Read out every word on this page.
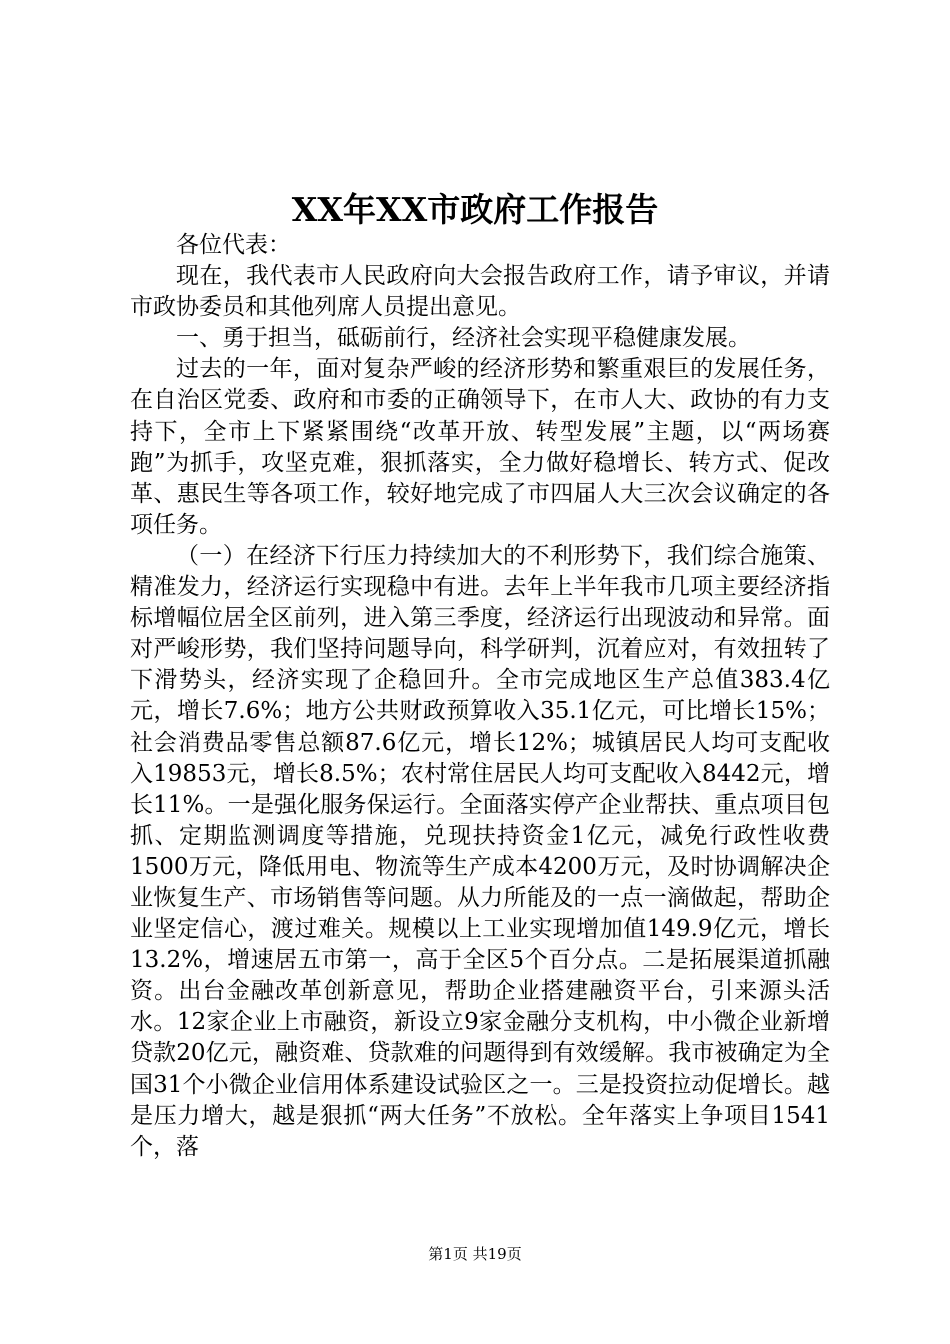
XX年XX市政府工作报告

各位代表：

现在，我代表市人民政府向大会报告政府工作，请予审议，并请市政协委员和其他列席人员提出意见。

一、勇于担当，砥砺前行，经济社会实现平稳健康发展。

过去的一年，面对复杂严峻的经济形势和繁重艰巨的发展任务，在自治区党委、政府和市委的正确领导下，在市人大、政协的有力支持下，全市上下紧紧围绕“改革开放、转型发展”主题，以“两场赛跑”为抓手，攻坚克难，狠抓落实，全力做好稳增长、转方式、促改革、惠民生等各项工作，较好地完成了市四届人大三次会议确定的各项任务。

（一）在经济下行压力持续加大的不利形势下，我们综合施策、精准发力，经济运行实现稳中有进。去年上半年我市几项主要经济指标增幅位居全区前列，进入第三季度，经济运行出现波动和异常。面对严峻形势，我们坚持问题导向，科学研判，沉着应对，有效扭转了下滑势头，经济实现了企稳回升。全市完成地区生产总值383.4亿元，增长7.6%；地方公共财政预算收入35.1亿元，可比增长15%；社会消费品零售总额87.6亿元，增长12%；城镇居民人均可支配收入19853元，增长8.5%；农村常住居民人均可支配收入8442元，增长11%。一是强化服务保运行。全面落实停产企业帮扶、重点项目包抓、定期监测调度等措施，兑现扶持资金1亿元，减免行政性收费1500万元，降低用电、物流等生产成本4200万元，及时协调解决企业恢复生产、市场销售等问题。从力所能及的一点一滴做起，帮助企业坚定信心，渡过难关。规模以上工业实现增加值149.9亿元，增长13.2%，增速居五市第一，高于全区5个百分点。二是拓展渠道抓融资。出台金融改革创新意见，帮助企业搭建融资平台，引来源头活水。12家企业上市融资，新设立9家金融分支机构，中小微企业新增贷款20亿元，融资难、贷款难的问题得到有效缓解。我市被确定为全国31个小微企业信用体系建设试验区之一。三是投资拉动促增长。越是压力增大，越是狠抓“两大任务”不放松。全年落实上争项目1541个，落

第1页 共19页
